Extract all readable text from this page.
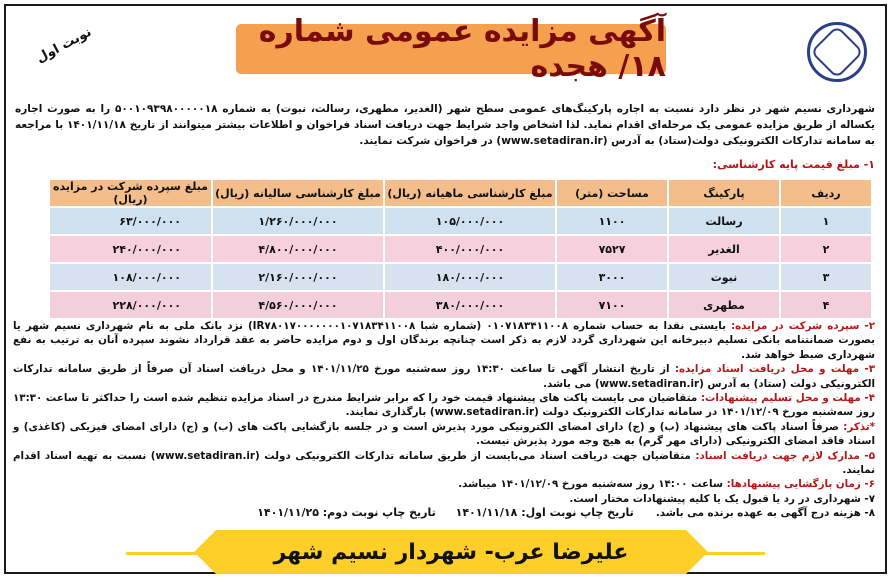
آگهی مزایده عمومی شماره ۱۸/ هجده
نوبت اول

شهرداری نسیم شهر در نظر دارد نسبت به اجاره پارکینگ‌های عمومی سطح شهر (الغدیر، مطهری، رسالت، نبوت) به شماره ۵۰۰۱۰۹۳۹۸۰۰۰۰۰۱۸ را به صورت اجاره یکساله از طریق مزایده عمومی یک مرحله‌ای اقدام نماید. لذا اشخاص واجد شرایط جهت دریافت اسناد فراخوان و اطلاعات بیشتر میتوانند از تاریخ ۱۴۰۱/۱۱/۱۸ با مراجعه به سامانه تدارکات الکترونیکی دولت(ستاد) به آدرس (www.setadiran.ir) در فراخوان شرکت نمایند.

۱- مبلغ قیمت پایه کارشناسی:
ردیف	پارکینگ	مساحت (متر)	مبلغ کارشناسی ماهیانه (ریال)	مبلغ کارشناسی سالیانه (ریال)	مبلغ سپرده شرکت در مزایده (ریال)
۱	رسالت	۱۱۰۰	۱۰۵/۰۰۰/۰۰۰	۱/۲۶۰/۰۰۰/۰۰۰	۶۳/۰۰۰/۰۰۰
۲	الغدیر	۷۵۲۷	۴۰۰/۰۰۰/۰۰۰	۴/۸۰۰/۰۰۰/۰۰۰	۲۴۰/۰۰۰/۰۰۰
۳	نبوت	۳۰۰۰	۱۸۰/۰۰۰/۰۰۰	۲/۱۶۰/۰۰۰/۰۰۰	۱۰۸/۰۰۰/۰۰۰
۴	مطهری	۷۱۰۰	۳۸۰/۰۰۰/۰۰۰	۴/۵۶۰/۰۰۰/۰۰۰	۲۲۸/۰۰۰/۰۰۰
۲- سپرده شرکت در مزایده: بایستی نقدا به حساب شماره ۰۱۰۷۱۸۳۴۱۱۰۰۸ (شماره شبا IR۷۸۰۱۷۰۰۰۰۰۰۰۱۰۷۱۸۳۴۱۱۰۰۸) نزد بانک ملی به نام شهرداری نسیم شهر یا بصورت ضمانتنامه بانکی تسلیم دبیرخانه این شهرداری گردد لازم به ذکر است چنانچه برندگان اول و دوم مزایده حاضر به عقد قرارداد نشوند سپرده آنان به ترتیب به نفع شهرداری ضبط خواهد شد.
۳- مهلت و محل دریافت اسناد مزایده: از تاریخ انتشار آگهی تا ساعت ۱۴:۳۰ روز سه‌شنبه مورخ ۱۴۰۱/۱۱/۲۵ و محل دریافت اسناد آن صرفاً از طریق سامانه تدارکات الکترونیکی دولت (ستاد) به آدرس (www.setadiran.ir) می باشد.
۴- مهلت و محل تسلیم پیشنهادات: متقاضیان می بایست پاکت های پیشنهاد قیمت خود را که برابر شرایط مندرج در اسناد مزایده تنظیم شده است را حداکثر تا ساعت ۱۳:۳۰ روز سه‌شنبه مورخ ۱۴۰۱/۱۲/۰۹ در سامانه تدارکات الکترونیک دولت (www.setadiran.ir) بارگذاری نمایند.
*تذکر: صرفاً اسناد پاکت های پیشنهاد (ب) و (ج) دارای امضای الکترونیکی مورد پذیرش است و در جلسه بازگشایی پاکت های (ب) و (ج) دارای امضای فیزیکی (کاغذی) و اسناد فاقد امضای الکترونیکی (دارای مهر گرم) به هیچ وجه مورد پذیرش نیست.
۵- مدارک لازم جهت دریافت اسناد: متقاضیان جهت دریافت اسناد می‌بایست از طریق سامانه تدارکات الکترونیکی دولت (www.setadiran.ir) نسبت به تهیه اسناد اقدام نمایند.
۶- زمان بازگشایی پیشنهادها: ساعت ۱۴:۰۰ روز سه‌شنبه مورخ ۱۴۰۱/۱۲/۰۹ میباشد.
۷- شهرداری در رد یا قبول یک یا کلیه پیشنهادات مختار است.
۸- هزینه درج آگهی به عهده برنده می باشد.
تاریخ چاپ نوبت اول: ۱۴۰۱/۱۱/۱۸ تاریخ چاپ نوبت دوم: ۱۴۰۱/۱۱/۲۵
علیرضا عرب- شهردار نسیم شهر
